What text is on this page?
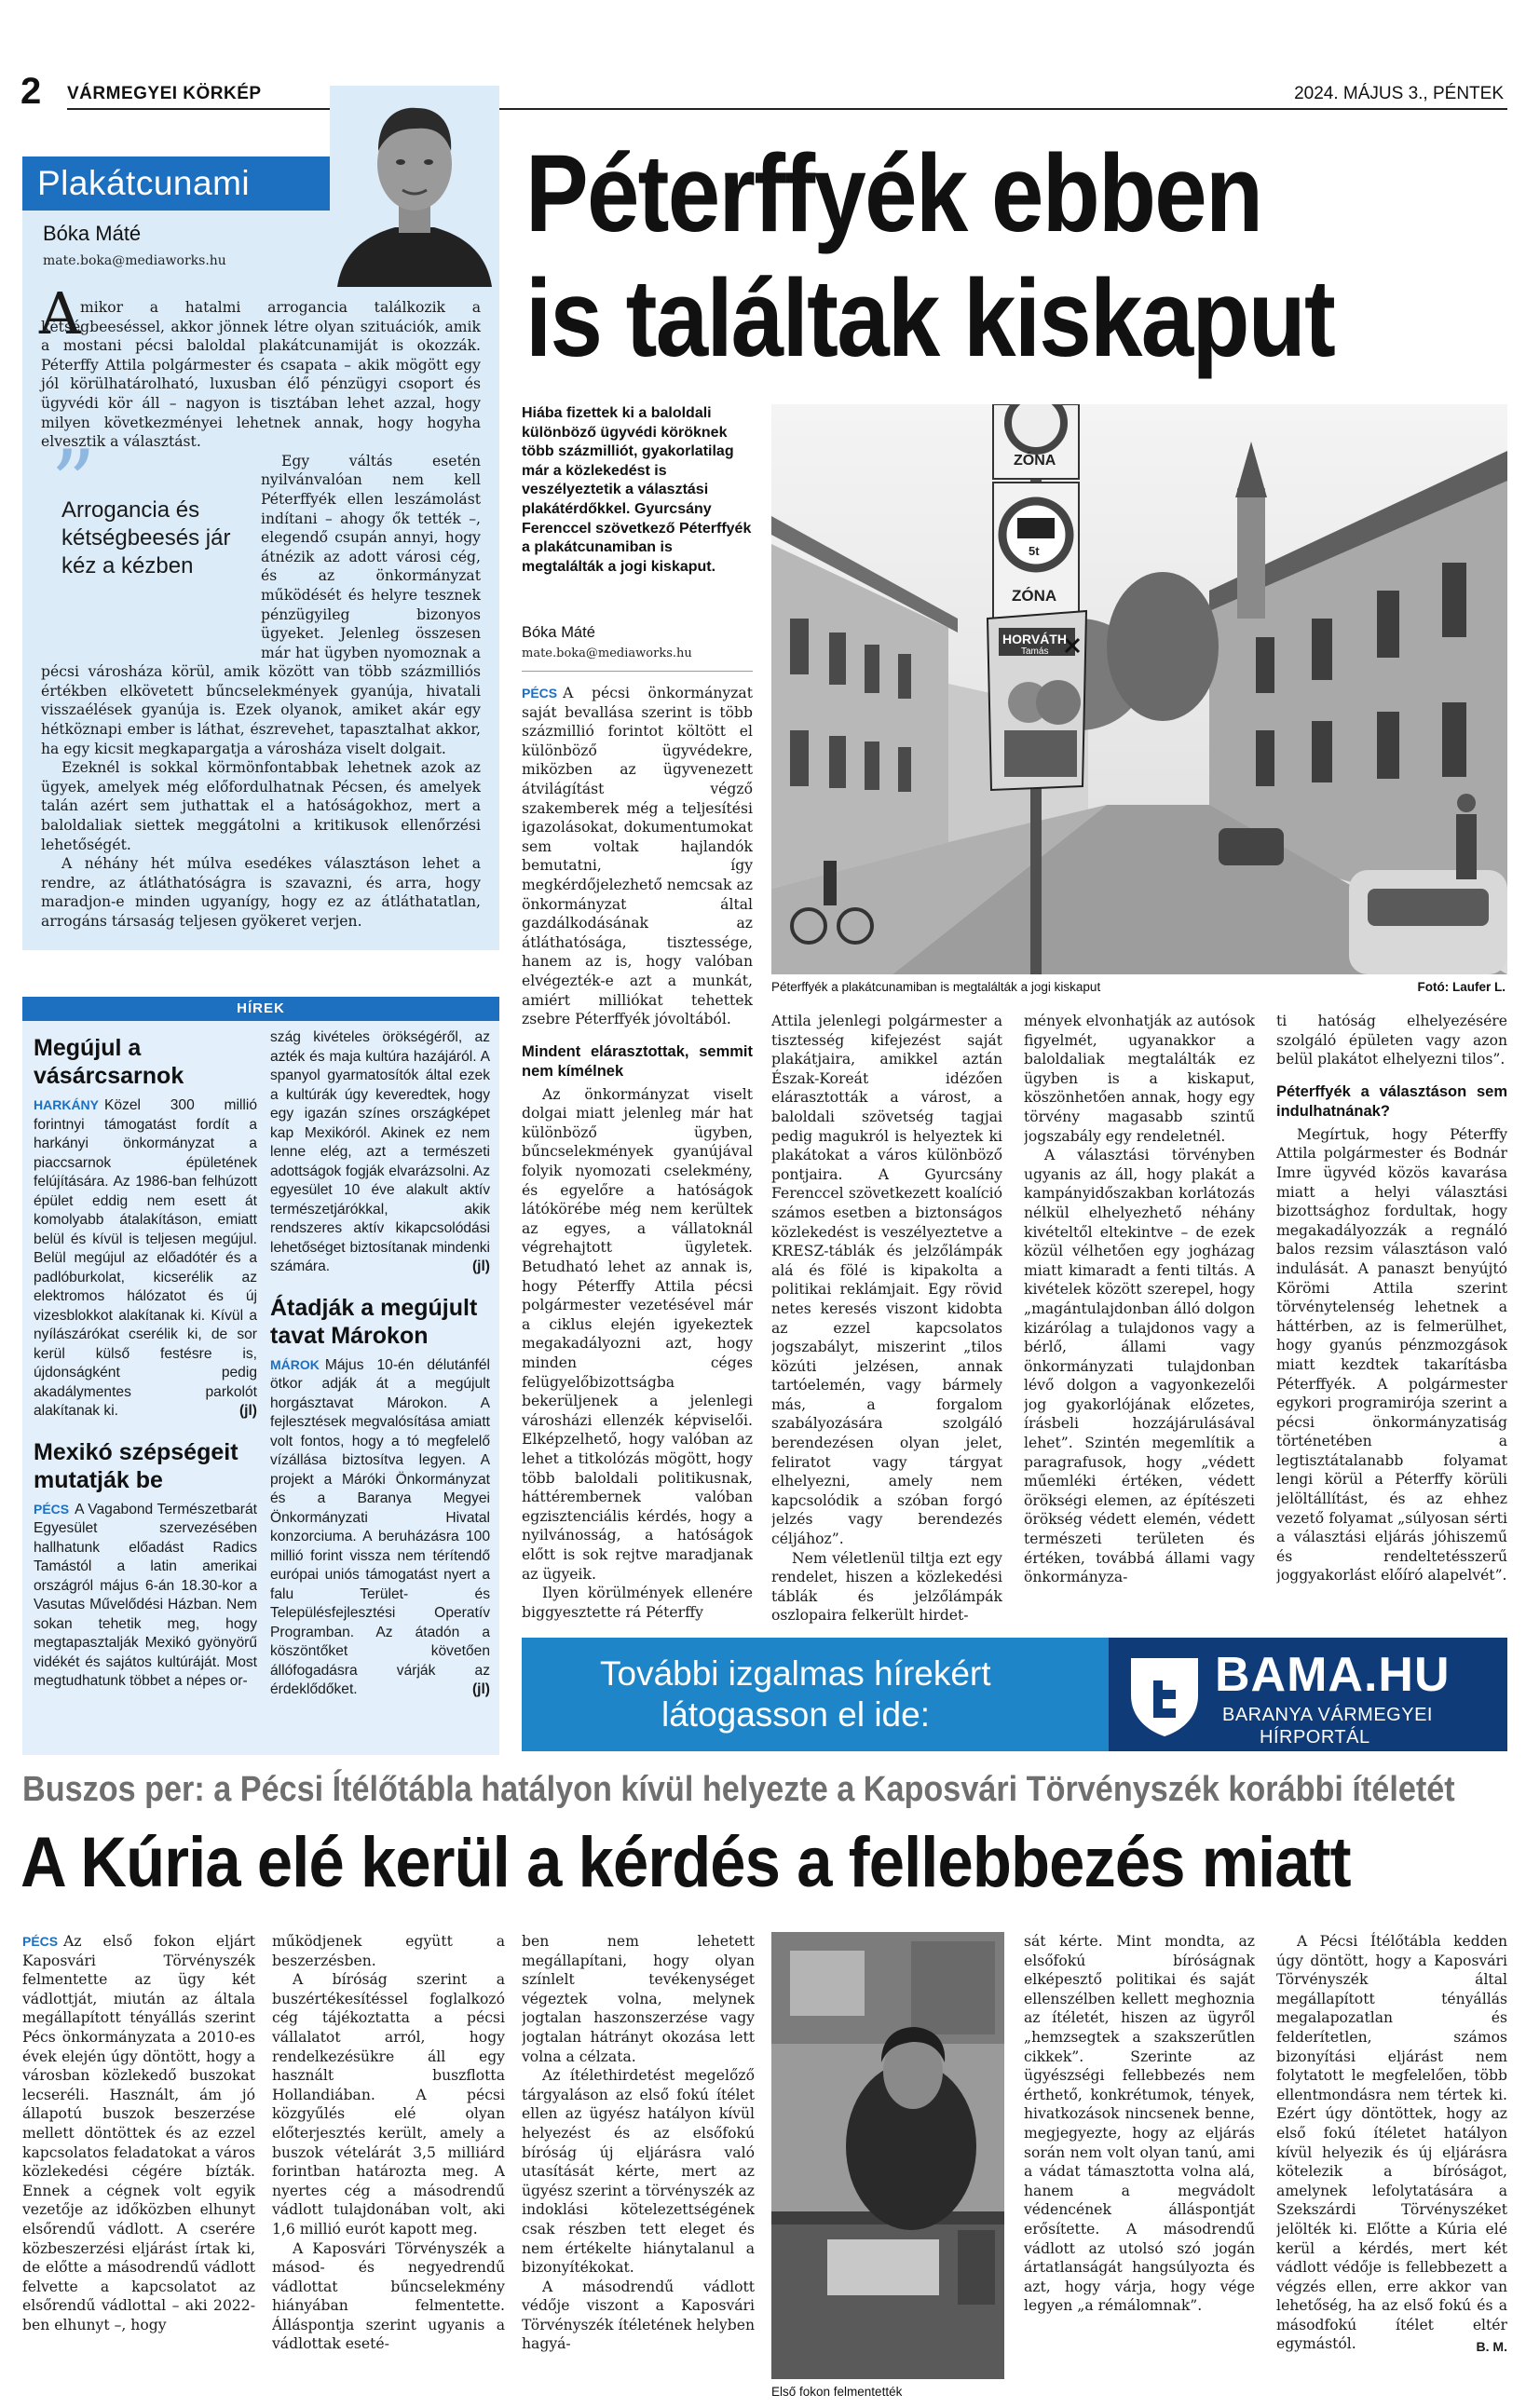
2 VÁRMEGYEI KÖRKÉP	2024. MÁJUS 3., PÉNTEK
Plakátcunami
Bóka Máté
mate.boka@mediaworks.hu
A mikor a hatalmi arrogancia találkozik a kétségbeeséssel, akkor jönnek létre olyan szituációk, amik a mostani pécsi baloldal plakátcunamiját is okozzák. Péterffy Attila polgármester és csapata – akik mögött egy jól körülhatárolható, luxusban élő pénzügyi csoport és ügyvédi kör áll – nagyon is tisztában lehet azzal, hogy milyen következményei lehetnek annak, hogy hogyha elvesztik a választást.

”
Arrogancia és kétségbeesés jár kéz a kézben

Egy váltás esetén nyilvánvalóan nem kell Péterffyék ellen leszámolást indítani – ahogy ők tették –, elegendő csupán annyi, hogy átnézik az adott városi cég, és az önkormányzat működését és helyre tesznek pénzügyileg bizonyos ügyeket. Jelenleg összesen már hat ügyben nyomoznak a pécsi városháza körül, amik között van több százmilliós értékben elkövetett bűncselekmények gyanúja, hivatali visszaélések gyanúja is. Ezek olyanok, amiket akár egy hétköznapi ember is láthat, észrevehet, tapasztalhat akkor, ha egy kicsit megkapargatja a városháza viselt dolgait.

Ezeknél is sokkal körmönfontabbak lehetnek azok az ügyek, amelyek még előfordulhatnak Pécsen, és amelyek talán azért sem juthattak el a hatóságokhoz, mert a baloldaliak siettek meggátolni a kritikusok ellenőrzési lehetőségét.

A néhány hét múlva esedékes választáson lehet a rendre, az átláthatóságra is szavazni, és arra, hogy maradjon-e minden ugyanígy, hogy ez az átláthatatlan, arrogáns társaság teljesen gyökeret verjen.

Péterffyék ebben
is találtak kiskaput
Hiába fizettek ki a baloldali különböző ügyvédi köröknek több százmilliót, gyakorlatilag már a közlekedést is veszélyeztetik a választási plakátérdőkkel. Gyurcsány Ferenccel szövetkező Péterffyék a plakátcunamiban is megtalálták a jogi kiskaput.
Bóka Máté
mate.boka@mediaworks.hu

PÉCS A pécsi önkormányzat saját bevallása szerint is több százmillió forintot költött el különböző ügyvédekre, miközben az ügyvenezett átvilágítást végző szakemberek még a teljesítési igazolásokat, dokumentumokat sem voltak hajlandók bemutatni, így megkérdőjelezhető nemcsak az önkormányzat által gazdálkodásának az átláthatósága, tisztessége, hanem az is, hogy valóban elvégezték-e azt a munkát, amiért milliókat tehettek zsebre Péterffyék jóvoltából.

Mindent elárasztottak, semmit nem kímélnek

Az önkormányzat viselt dolgai miatt jelenleg már hat különböző ügyben, bűncselekmények gyanújával folyik nyomozati cselekmény, és egyelőre a hatóságok látókörébe még nem kerültek az egyes, a vállatoknál végrehajtott ügyletek. Betudható lehet az annak is, hogy Péterffy Attila pécsi polgármester vezetésével már a ciklus elején igyekeztek megakadályozni azt, hogy minden céges felügyelőbizottságba bekerüljenek a jelenlegi városházi ellenzék képviselői. Elképzelhető, hogy valóban az lehet a titkolózás mögött, hogy több baloldali politikusnak, háttérembernek valóban egzisztenciális kérdés, hogy a nyilvánosság, a hatóságok előtt is sok rejtve maradjanak az ügyeik.

Ilyen körülmények ellenére biggyesztette rá Péterffy

ZÓNA
5t
ZÓNA
HORVÁTH
Tamás
Péterffyék a plakátcunamiban is megtalálták a jogi kiskaput	Fotó: Laufer L.

Attila jelenlegi polgármester a tisztesség kifejezést saját plakátjaira, amikkel aztán Észak-Koreát idézően elárasztották a várost, a baloldali szövetség tagjai pedig magukról is helyeztek ki plakátokat a város különböző pontjaira. A Gyurcsány Ferenccel szövetkezett koalíció számos esetben a biztonságos közlekedést is veszélyeztetve a KRESZ-táblák és jelzőlámpák alá és fölé is kipakolta a politikai reklámjait. Egy rövid netes keresés viszont kidobta az ezzel kapcsolatos jogszabályt, miszerint „tilos közúti jelzésen, annak tartóelemén, vagy bármely más, a forgalom szabályozására szolgáló berendezésen olyan jelet, feliratot vagy tárgyat elhelyezni, amely nem kapcsolódik a szóban forgó jelzés vagy berendezés céljához”.

Nem véletlenül tiltja ezt egy rendelet, hiszen a közlekedési táblák és jelzőlámpák oszlopaira felkerült hirdet-

mények elvonhatják az autósok figyelmét, ugyanakkor a baloldaliak megtalálták ez ügyben is a kiskaput, köszönhetően annak, hogy egy törvény magasabb szintű jogszabály egy rendeletnél.

A választási törvényben ugyanis az áll, hogy plakát a kampányidőszakban korlátozás nélkül elhelyezhető néhány kivételtől eltekintve – de ezek közül vélhetően egy jogházag miatt kimaradt a fenti tiltás. A kivételek között szerepel, hogy „magántulajdonban álló dolgon kizárólag a tulajdonos vagy a bérlő, állami vagy önkormányzati tulajdonban lévő dolgon a vagyonkezelői jog gyakorlójának előzetes, írásbeli hozzájárulásával lehet”. Szintén megemlítik a paragrafusok, hogy „védett műemléki értéken, védett örökségi elemen, az építészeti örökség védett elemén, védett természeti területen és értéken, továbbá állami vagy önkormányza-

ti hatóság elhelyezésére szolgáló épületen vagy azon belül plakátot elhelyezni tilos”.

Péterffyék a választáson sem indulhatnának?

Megírtuk, hogy Péterffy Attila polgármester és Bodnár Imre ügyvéd közös kavarása miatt a helyi választási bizottsághoz fordultak, hogy megakadályozzák a regnáló balos rezsim választáson való indulását. A panaszt benyújtó Körömi Attila szerint törvénytelenség lehetnek a háttérben, az is felmerülhet, hogy gyanús pénzmozgások miatt kezdtek takarításba Péterffyék. A polgármester egykori programirója szerint a pécsi önkormányzatiság történetében a legtisztátalanabb folyamat lengi körül a Péterffy körüli jelöltállítást, és az ehhez vezető folyamat „súlyosan sérti a választási eljárás jóhiszemű és rendeltetésszerű joggyakorlást előíró alapelvét”.

HÍREK
Megújul a vásárcsarnok
HARKÁNY Közel 300 millió forintnyi támogatást fordít a harkányi önkormányzat a piaccsarnok épületének felújítására. Az 1986-ban felhúzott épület eddig nem esett át komolyabb átalakításon, emiatt belül és kívül is teljesen megújul. Belül megújul az előadótér és a padlóburkolat, kicserélik az elektromos hálózatot és új vizesblokkot alakítanak ki. Kívül a nyílászárókat cserélik ki, de sor kerül külső festésre is, újdonságként pedig akadálymentes parkolót alakítanak ki.	(jl)
Mexikó szépségeit mutatják be
PÉCS A Vagabond Természetbarát Egyesület szervezésében hallhatunk előadást Radics Tamástól a latin amerikai országról május 6-án 18.30-kor a Vasutas Művelődési Házban. Nem sokan tehetik meg, hogy megtapasztalják Mexikó gyönyörű vidékét és sajátos kultúráját. Most megtudhatunk többet a népes or-
szág kivételes örökségéről, az azték és maja kultúra hazájáról. A spanyol gyarmatosítók által ezek a kultúrák úgy keveredtek, hogy egy igazán színes országképet kap Mexikóról. Akinek ez nem lenne elég, azt a természeti adottságok fogják elvarázsolni. Az egyesület 10 éve alakult aktív természetjárókkal, akik rendszeres aktív kikapcsolódási lehetőséget biztosítanak mindenki számára.	(jl)
Átadják a megújult tavat Márokon
MÁROK Május 10-én délutánfél ötkor adják át a megújult horgásztavat Márokon. A fejlesztések megvalósítása amiatt volt fontos, hogy a tó megfelelő vízállása biztosítva legyen. A projekt a Máróki Önkormányzat és a Baranya Megyei Önkormányzati Hivatal konzorciuma. A beruházásra 100 millió forint vissza nem térítendő európai uniós támogatást nyert a falu Terület- és Településfejlesztési Operatív Programban. Az átadón a köszöntőket követően állófogadásra várják az érdeklődőket.	(jl)	További izgalmas hírekért
látogasson el ide:
BAMA.HU
BARANYA VÁRMEGYEI
HÍRPORTÁL
Buszos per: a Pécsi Ítélőtábla hatályon kívül helyezte a Kaposvári Törvényszék korábbi ítéletét
A Kúria elé kerül a kérdés a fellebbezés miatt

PÉCS Az első fokon eljárt Kaposvári Törvényszék felmentette az ügy két vádlottját, miután az általa megállapított tényállás szerint Pécs önkormányzata a 2010-es évek elején úgy döntött, hogy a városban közlekedő buszokat lecseréli. Használt, ám jó állapotú buszok beszerzése mellett döntöttek és az ezzel kapcsolatos feladatokat a város közlekedési cégére bízták. Ennek a cégnek volt egyik vezetője az időközben elhunyt elsőrendű vádlott. A cserére közbeszerzési eljárást írtak ki, de előtte a másodrendű vádlott felvette a kapcsolatot az elsőrendű vádlottal – aki 2022-ben elhunyt –, hogy

működjenek együtt a beszerzésben.

A bíróság szerint a buszértékesítéssel foglalkozó cég tájékoztatta a pécsi vállalatot arról, hogy rendelkezésükre áll egy használt buszflotta Hollandiában. A pécsi közgyűlés elé olyan előterjesztés került, amely a buszok vételárát 3,5 milliárd forintban határozta meg. A nyertes cég a másodrendű vádlott tulajdonában volt, aki 1,6 millió eurót kapott meg.

A Kaposvári Törvényszék a másod- és negyedrendű vádlottat bűncselekmény hiányában felmentette. Álláspontja szerint ugyanis a vádlottak eseté-

ben nem lehetett megállapítani, hogy olyan színlelt tevékenységet végeztek volna, melynek jogtalan haszonszerzése vagy jogtalan hátrányt okozása lett volna a célzata.

Az ítélethirdetést megelőző tárgyaláson az első fokú ítélet ellen az ügyész hatályon kívül helyezést és az elsőfokú bíróság új eljárásra való utasítását kérte, mert az ügyész szerint a törvényszék az indoklási kötelezettségének csak részben tett eleget és nem értékelte hiánytalanul a bizonyítékokat.

A másodrendű vádlott védője viszont a Kaposvári Törvényszék ítéletének helyben hagyá-

Első fokon felmentették

sát kérte. Mint mondta, az elsőfokú bíróságnak elképesztő politikai és saját ellenszélben kellett meghoznia az ítéletét, hiszen az ügyről „hemzsegtek a szakszerűtlen cikkek”. Szerinte az ügyészségi fellebbezés nem érthető, konkrétumok, tények, hivatkozások nincsenek benne, megjegyezte, hogy az eljárás során nem volt olyan tanú, ami a vádat támasztotta volna alá, hanem a megvádolt védencének álláspontját erősítette. A másodrendű vádlott az utolsó szó jogán ártatlanságát hangsúlyozta és azt, hogy várja, hogy vége legyen „a rémálomnak”.

A Pécsi Ítélőtábla kedden úgy döntött, hogy a Kaposvári Törvényszék által megállapított tényállás megalapozatlan és felderítetlen, számos bizonyítási eljárást nem folytatott le megfelelően, több ellentmondásra nem tértek ki. Ezért úgy döntöttek, hogy az első fokú ítéletet hatályon kívül helyezik és új eljárásra kötelezik a bíróságot, amelynek lefolytatására a Szekszárdi Törvényszéket jelölték ki. Előtte a Kúria elé kerül a kérdés, mert két vádlott védője is fellebbezett a végzés ellen, erre akkor van lehetőség, ha az első fokú és a másodfokú ítélet eltér egymástól.	B. M.
